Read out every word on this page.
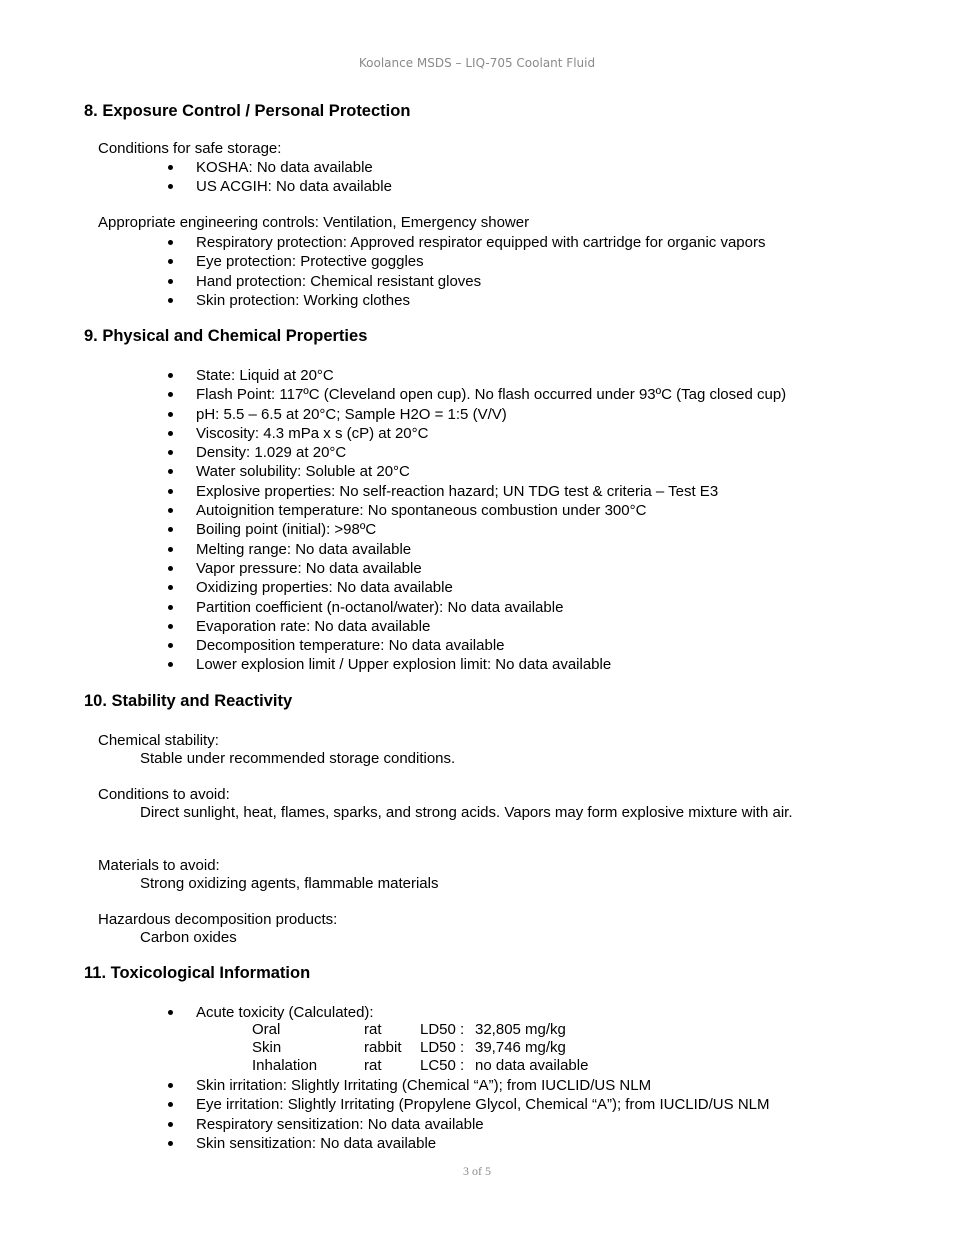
Koolance MSDS – LIQ-705 Coolant Fluid
8. Exposure Control / Personal Protection

Conditions for safe storage:

KOSHA: No data available
US ACGIH: No data available

Appropriate engineering controls: Ventilation, Emergency shower

Respiratory protection: Approved respirator equipped with cartridge for organic vapors
Eye protection: Protective goggles
Hand protection: Chemical resistant gloves
Skin protection: Working clothes
9. Physical and Chemical Properties
State: Liquid at 20°C
Flash Point: 117ºC (Cleveland open cup). No flash occurred under 93ºC (Tag closed cup)
pH: 5.5 – 6.5 at 20°C; Sample H2O = 1:5 (V/V)
Viscosity: 4.3 mPa x s (cP) at 20°C
Density: 1.029 at 20°C
Water solubility: Soluble at 20°C
Explosive properties: No self-reaction hazard; UN TDG test & criteria – Test E3
Autoignition temperature: No spontaneous combustion under 300°C
Boiling point (initial): >98ºC
Melting range: No data available
Vapor pressure: No data available
Oxidizing properties: No data available
Partition coefficient (n-octanol/water): No data available
Evaporation rate: No data available
Decomposition temperature: No data available
Lower explosion limit / Upper explosion limit: No data available
10. Stability and Reactivity

Chemical stability:

Stable under recommended storage conditions.

Conditions to avoid:

Direct sunlight, heat, flames, sparks, and strong acids. Vapors may form explosive mixture with air.

Materials to avoid:

Strong oxidizing agents, flammable materials

Hazardous decomposition products:

Carbon oxides

11. Toxicological Information
Acute toxicity (Calculated):
Oral	rat	LD50 :	32,805 mg/kg
Skin	rabbit	LD50 :	39,746 mg/kg
Inhalation	rat	LC50 :	no data available
Skin irritation: Slightly Irritating (Chemical “A”); from IUCLID/US NLM
Eye irritation: Slightly Irritating (Propylene Glycol, Chemical “A”); from IUCLID/US NLM
Respiratory sensitization: No data available
Skin sensitization: No data available
3 of 5
